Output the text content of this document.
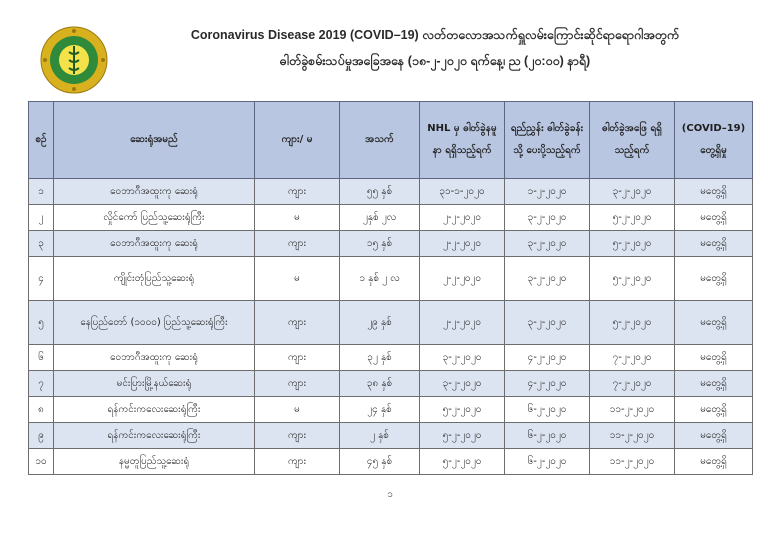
Coronavirus Disease 2019 (COVID–19) လတ်တလောအသက်ရှူလမ်းကြောင်းဆိုင်ရာရောဂါအတွက်
ဓါတ်ခွဲစမ်းသပ်မှုအခြေအနေ (၁၈-၂-၂၀၂၀ ရက်နေ့၊ ည (၂၀:၀၀) နာရီ)
စဉ်	ဆေးရုံအမည်	ကျား/ မ	အသက်	NHL မှ ဓါတ်ခွဲနမူနာ ရရှိသည့်ရက်	ရည်ညွှန်း ဓါတ်ခွဲခန်းသို့ ပေးပို့သည့်ရက်	ဓါတ်ခွဲအဖြေ ရရှိသည့်ရက်	(COVID–19) တွေ့ရှိမှု
၁	ဝေဘာဂီအထူးကု ဆေးရုံ	ကျား	၅၅ နှစ်	၃၁-၁-၂၀၂၀	၁-၂-၂၀၂၀	၃-၂-၂၀၂၀	မတွေ့ရှိ
၂	လှိုင်ကော် ပြည်သူ့ဆေးရုံကြီး	မ	၂နှစ် ၂လ	၂-၂-၂၀၂၀	၃-၂-၂၀၂၀	၅-၂-၂၀၂၀	မတွေ့ရှိ
၃	ဝေဘာဂီအထူးကု ဆေးရုံ	ကျား	၁၅ နှစ်	၂-၂-၂၀၂၀	၃-၂-၂၀၂၀	၅-၂-၂၀၂၀	မတွေ့ရှိ
၄	ကျိုင်းတုံပြည်သူ့ဆေးရုံ	မ	၁ နှစ် ၂ လ	၂-၂-၂၀၂၀	၃-၂-၂၀၂၀	၅-၂-၂၀၂၀	မတွေ့ရှိ
၅	နေပြည်တော် (၁၀၀၀) ပြည်သူ့ဆေးရုံကြီး	ကျား	၂၉ နှစ်	၂-၂-၂၀၂၀	၃-၂-၂၀၂၀	၅-၂-၂၀၂၀	မတွေ့ရှိ
၆	ဝေဘာဂီအထူးကု ဆေးရုံ	ကျား	၃၂ နှစ်	၃-၂-၂၀၂၀	၄-၂-၂၀၂၀	၇-၂-၂၀၂၀	မတွေ့ရှိ
၇	မင်းပြားမြို့နယ်ဆေးရုံ	ကျား	၃၈ နှစ်	၃-၂-၂၀၂၀	၄-၂-၂၀၂၀	၇-၂-၂၀၂၀	မတွေ့ရှိ
၈	ရန်ကင်းကလေးဆေးရုံကြီး	မ	၂၄ နှစ်	၅-၂-၂၀၂၀	၆-၂-၂၀၂၀	၁၁-၂-၂၀၂၀	မတွေ့ရှိ
၉	ရန်ကင်းကလေးဆေးရုံကြီး	ကျား	၂ နှစ်	၅-၂-၂၀၂၀	၆-၂-၂၀၂၀	၁၁-၂-၂၀၂၀	မတွေ့ရှိ
၁၀	နမ္မတူပြည်သူ့ဆေးရုံ	ကျား	၄၅ နှစ်	၅-၂-၂၀၂၀	၆-၂-၂၀၂၀	၁၁-၂-၂၀၂၀	မတွေ့ရှိ
၁
